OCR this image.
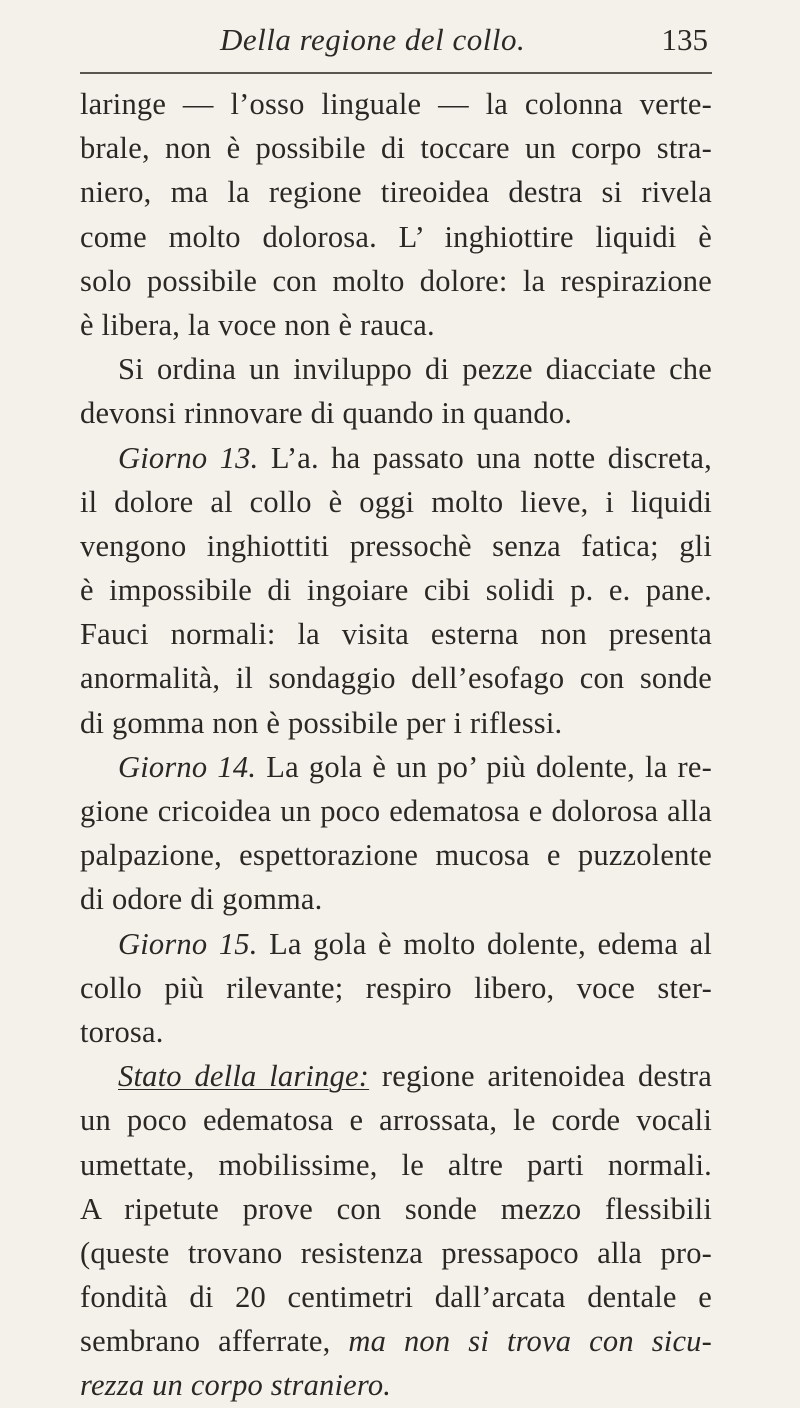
Della regione del collo.	135
laringe — l’osso linguale — la colonna verte-
brale, non è possibile di toccare un corpo stra-
niero, ma la regione tireoidea destra si rivela
come molto dolorosa. L’ inghiottire liquidi è
solo possibile con molto dolore: la respirazione
è libera, la voce non è rauca.
Si ordina un inviluppo di pezze diacciate che
devonsi rinnovare di quando in quando.
Giorno 13. L’a. ha passato una notte discreta,
il dolore al collo è oggi molto lieve, i liquidi
vengono inghiottiti pressochè senza fatica; gli
è impossibile di ingoiare cibi solidi p. e. pane.
Fauci normali: la visita esterna non presenta
anormalità, il sondaggio dell’esofago con sonde
di gomma non è possibile per i riflessi.
Giorno 14. La gola è un po’ più dolente, la re-
gione cricoidea un poco edematosa e dolorosa alla
palpazione, espettorazione mucosa e puzzolente
di odore di gomma.
Giorno 15. La gola è molto dolente, edema al
collo più rilevante; respiro libero, voce ster-
torosa.
Stato della laringe: regione aritenoidea destra
un poco edematosa e arrossata, le corde vocali
umettate, mobilissime, le altre parti normali.
A ripetute prove con sonde mezzo flessibili
(queste trovano resistenza pressapoco alla pro-
fondità di 20 centimetri dall’arcata dentale e
sembrano afferrate, ma non si trova con sicu-
rezza un corpo straniero.
